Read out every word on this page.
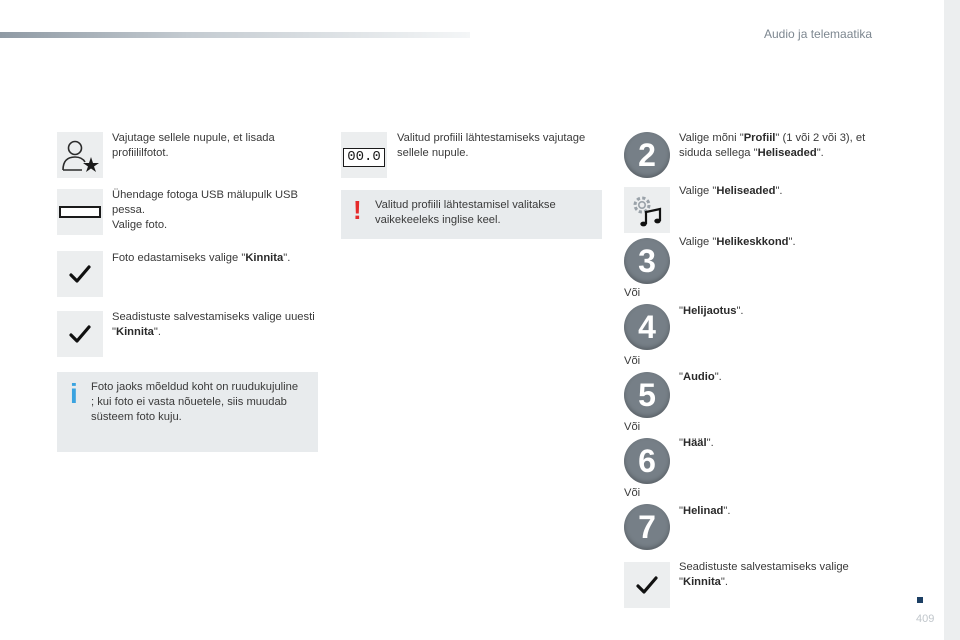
Audio ja telemaatika
Vajutage sellele nupule, et lisada profiililfotot.
Ühendage fotoga USB mälupulk USB pessa.
Valige foto.
Foto edastamiseks valige "Kinnita".
Seadistuste salvestamiseks valige uuesti "Kinnita".
i Foto jaoks mõeldud koht on ruudukujuline ; kui foto ei vasta nõuetele, siis muudab süsteem foto kuju.
00.0
Valitud profiili lähtestamiseks vajutage sellele nupule.
! Valitud profiili lähtestamisel valitakse vaikekeeleks inglise keel.
2	Valige mõni "Profiil" (1 või 2 või 3), et siduda sellega "Heliseaded".
Valige "Heliseaded".
3
Valige "Helikeskkond".
Või
4	"Helijaotus".
Või
5	"Audio".
Või
6	"Hääl".
Või
7	"Helinad".
Seadistuste salvestamiseks valige "Kinnita".
409
